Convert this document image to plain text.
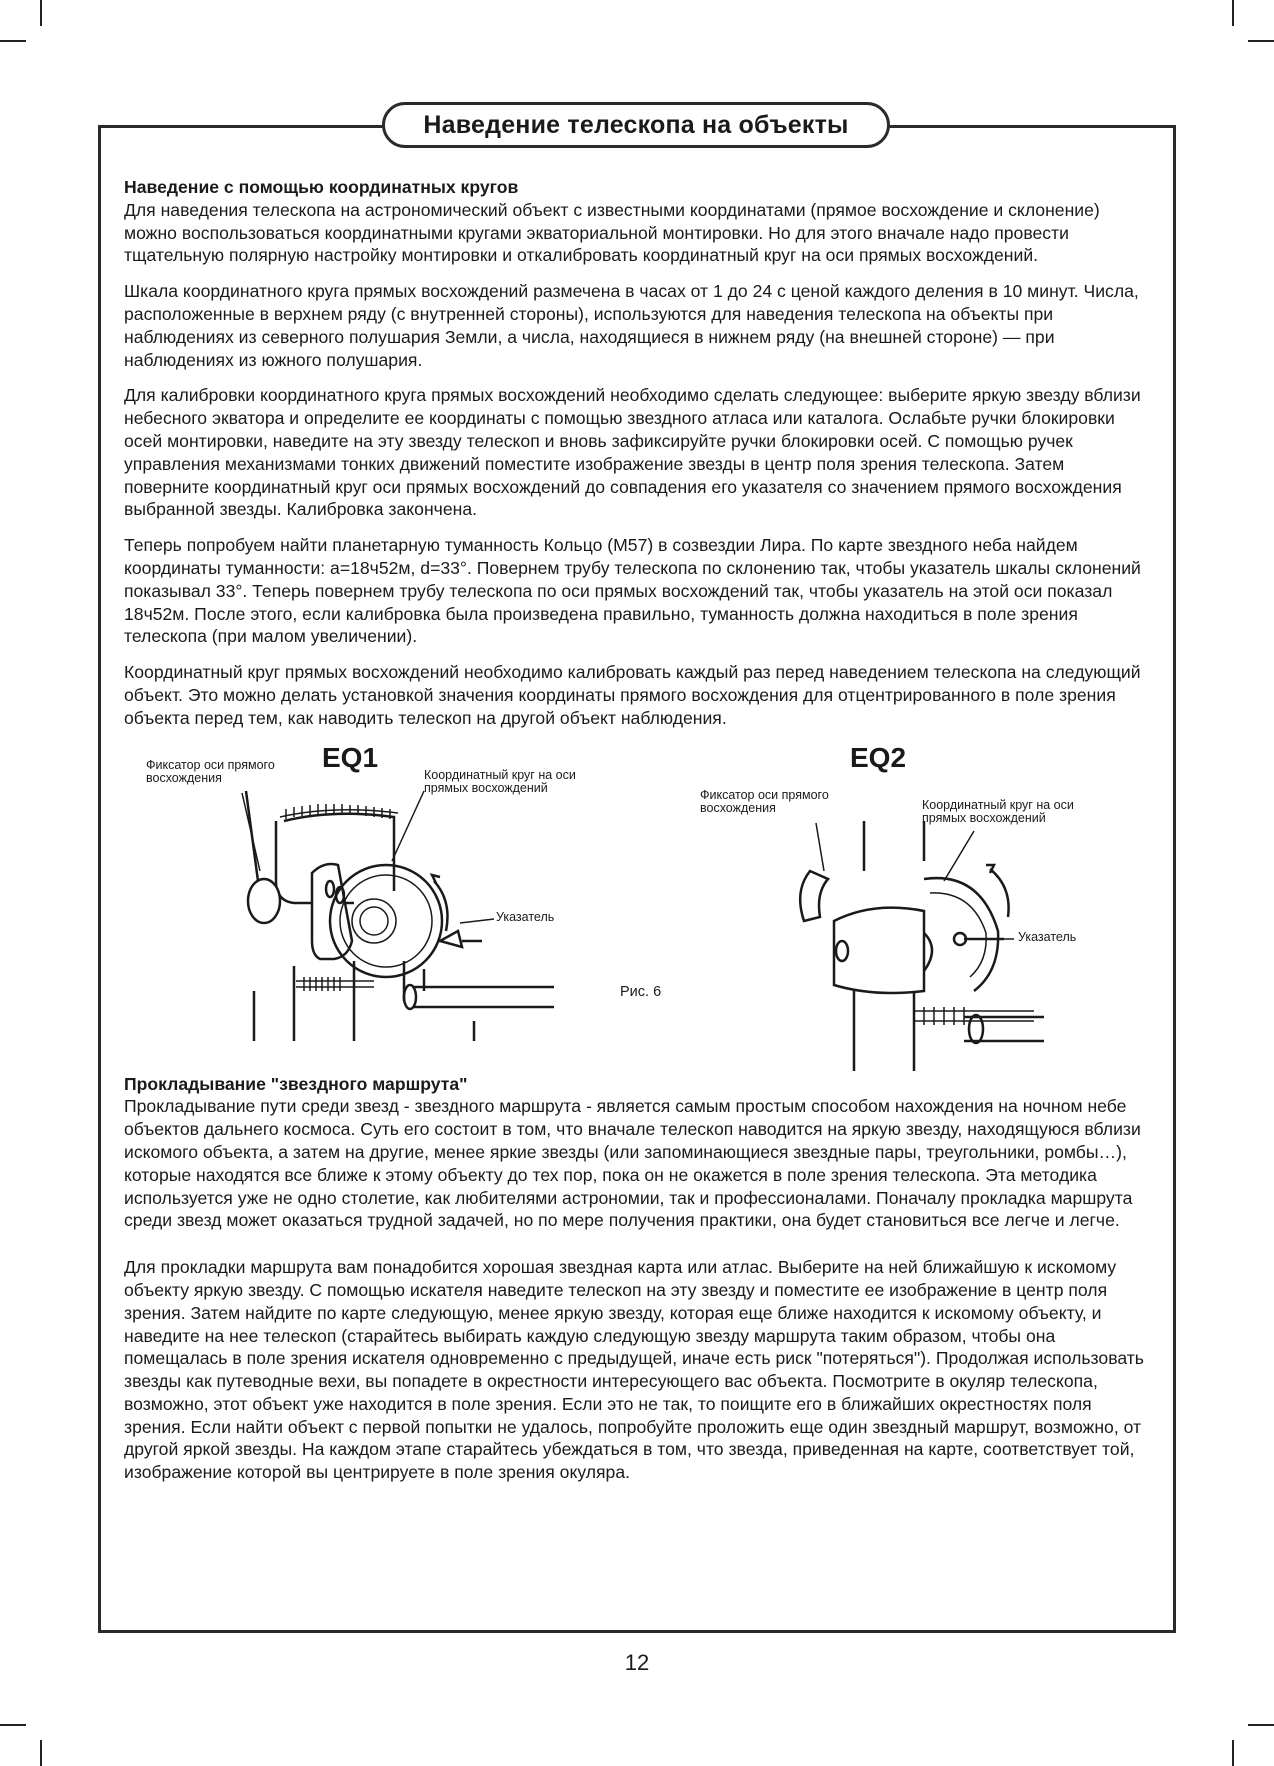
Наведение телескопа на объекты
Наведение с помощью координатных кругов

Для наведения телескопа на астрономический объект с известными координатами (прямое восхождение и склонение) можно воспользоваться координатными кругами экваториальной монтировки. Но для этого вначале надо провести тщательную полярную настройку монтировки и откалибровать координатный круг на оси прямых восхождений.

Шкала координатного круга прямых восхождений размечена в часах от 1 до 24 с ценой каждого деления в 10 минут. Числа, расположенные в верхнем ряду (с внутренней стороны), используются для наведения телескопа на объекты при наблюдениях из северного полушария Земли, а числа, находящиеся в нижнем ряду (на внешней стороне) — при наблюдениях из южного полушария.

Для калибровки координатного круга прямых восхождений необходимо сделать следующее: выберите яркую звезду вблизи небесного экватора и определите ее координаты с помощью звездного атласа или каталога. Ослабьте ручки блокировки осей монтировки, наведите на эту звезду телескоп и вновь зафиксируйте ручки блокировки осей. С помощью ручек управления механизмами тонких движений поместите изображение звезды в центр поля зрения телескопа. Затем поверните координатный круг оси прямых восхождений до совпадения его указателя со значением прямого восхождения выбранной звезды. Калибровка закончена.

Теперь попробуем найти планетарную туманность Кольцо (М57) в созвездии Лира. По карте звездного неба найдем координаты туманности: a=18ч52м, d=33°. Повернем трубу телескопа по склонению так, чтобы указатель шкалы склонений показывал 33°. Теперь повернем трубу телескопа по оси прямых восхождений так, чтобы указатель на этой оси показал 18ч52м. После этого, если калибровка была произведена правильно, туманность должна находиться в поле зрения телескопа (при малом увеличении).

Координатный круг прямых восхождений необходимо калибровать каждый раз перед наведением телескопа на следующий объект. Это можно делать установкой значения координаты прямого восхождения для отцентрированного в поле зрения объекта перед тем, как наводить телескоп на другой объект наблюдения.

EQ1
Фиксатор оси прямого восхождения	Координатный круг на оси прямых восхождений
Указатель
EQ2
Фиксатор оси прямого восхождения	Координатный круг на оси прямых восхождений
Указатель
Рис. 6
Прокладывание "звездного маршрута"

Прокладывание пути среди звезд - звездного маршрута - является самым простым способом нахождения на ночном небе объектов дальнего космоса. Суть его состоит в том, что вначале телескоп наводится на яркую звезду, находящуюся вблизи искомого объекта, а затем на другие, менее яркие звезды (или запоминающиеся звездные пары, треугольники, ромбы…), которые находятся все ближе к этому объекту до тех пор, пока он не окажется в поле зрения телескопа. Эта методика используется уже не одно столетие, как любителями астрономии, так и профессионалами. Поначалу прокладка маршрута среди звезд может оказаться трудной задачей, но по мере получения практики, она будет становиться все легче и легче.

Для прокладки маршрута вам понадобится хорошая звездная карта или атлас. Выберите на ней ближайшую к искомому объекту яркую звезду. С помощью искателя наведите телескоп на эту звезду и поместите ее изображение в центр поля зрения. Затем найдите по карте следующую, менее яркую звезду, которая еще ближе находится к искомому объекту, и наведите на нее телескоп (старайтесь выбирать каждую следующую звезду маршрута таким образом, чтобы она помещалась в поле зрения искателя одновременно с предыдущей, иначе есть риск "потеряться"). Продолжая использовать звезды как путеводные вехи, вы попадете в окрестности интересующего вас объекта. Посмотрите в окуляр телескопа, возможно, этот объект уже находится в поле зрения. Если это не так, то поищите его в ближайших окрестностях поля зрения. Если найти объект с первой попытки не удалось, попробуйте проложить еще один звездный маршрут, возможно, от другой яркой звезды. На каждом этапе старайтесь убеждаться в том, что звезда, приведенная на карте, соответствует той, изображение которой вы центрируете в поле зрения окуляра.

12
